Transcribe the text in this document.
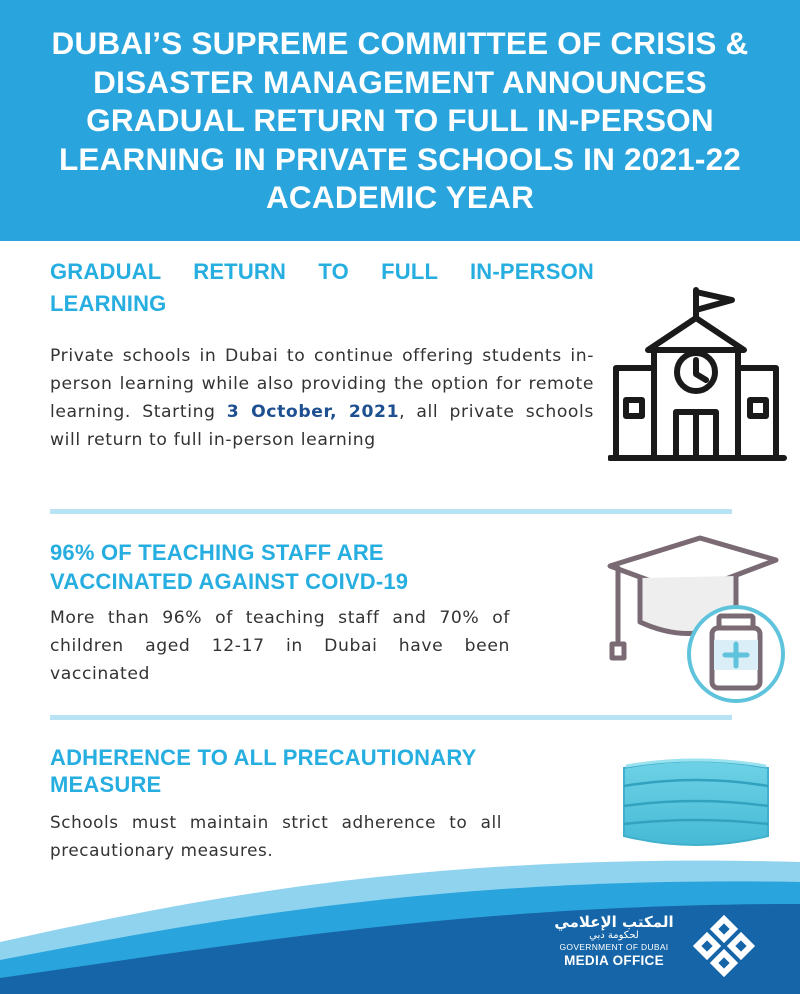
DUBAI’S SUPREME COMMITTEE OF CRISIS & DISASTER MANAGEMENT ANNOUNCES GRADUAL RETURN TO FULL IN-PERSON LEARNING IN PRIVATE SCHOOLS IN 2021-22 ACADEMIC YEAR
GRADUAL RETURN TO FULL IN-PERSON
LEARNING

Private schools in Dubai to continue offering students in-person learning while also providing the option for remote learning. Starting 3 October, 2021, all private schools will return to full in-person learning

96% OF TEACHING STAFF ARE
VACCINATED AGAINST COIVD-19

More than 96% of teaching staff and 70% of children aged 12-17 in Dubai have been vaccinated

ADHERENCE TO ALL PRECAUTIONARY
MEASURE

Schools must maintain strict adherence to all precautionary measures.

المكتب الإعلامي
لحكومة دبي
GOVERNMENT OF DUBAI
MEDIA OFFICE
